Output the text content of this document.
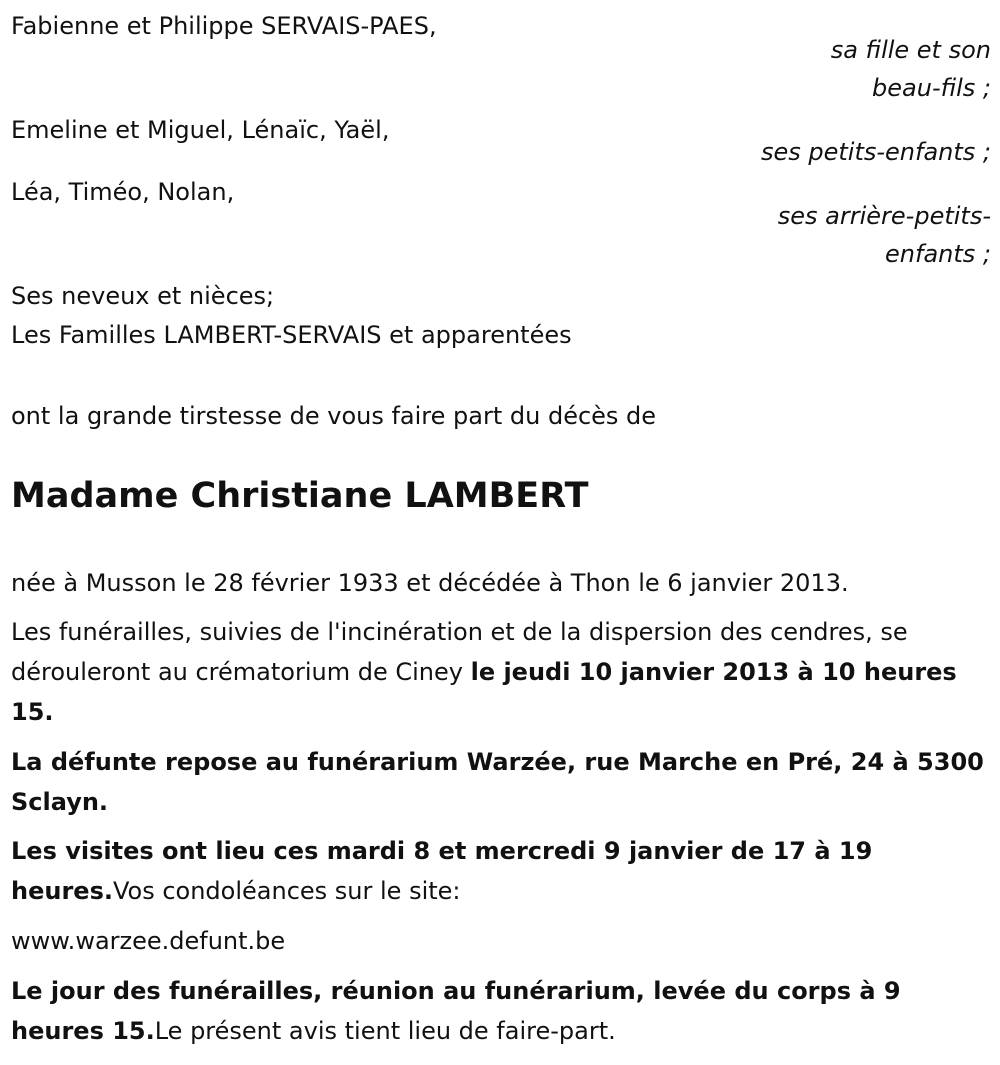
Fabienne et Philippe SERVAIS-PAES,
sa fille et son
beau-fils ;
Emeline et Miguel, Lénaïc, Yaël,
ses petits-enfants ;
Léa, Timéo, Nolan,
ses arrière-petits-
enfants ;
Ses neveux et nièces;
Les Familles LAMBERT-SERVAIS et apparentées
ont la grande tirstesse de vous faire part du décès de
Madame Christiane LAMBERT
née à Musson le 28 février 1933 et décédée à Thon le 6 janvier 2013.
Les funérailles, suivies de l'incinération et de la dispersion des cendres, se dérouleront au crématorium de Ciney le jeudi 10 janvier 2013 à 10 heures 15.
La défunte repose au funérarium Warzée, rue Marche en Pré, 24 à 5300 Sclayn.
Les visites ont lieu ces mardi 8 et mercredi 9 janvier de 17 à 19 heures.Vos condoléances sur le site:
www.warzee.defunt.be
Le jour des funérailles, réunion au funérarium, levée du corps à 9 heures 15.Le présent avis tient lieu de faire-part.
